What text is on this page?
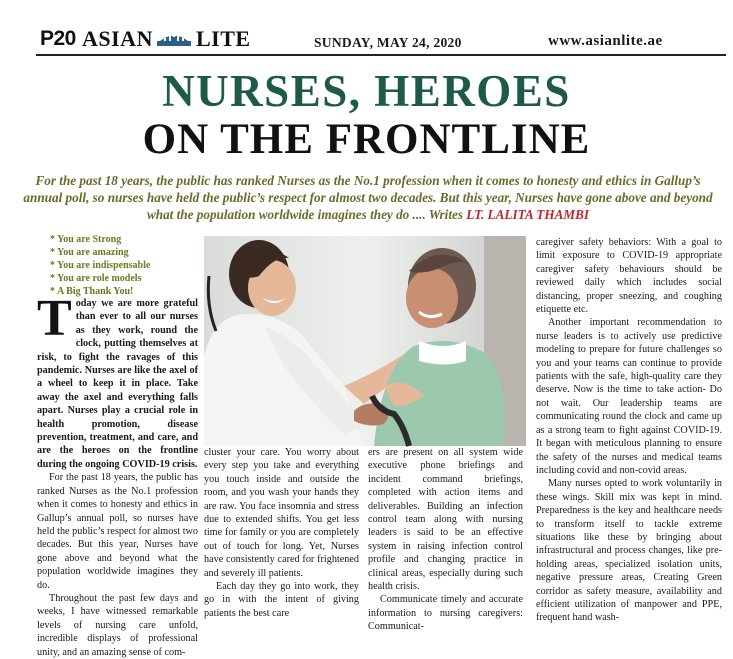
P20 ASIAN LITE	SUNDAY, MAY 24, 2020	www.asianlite.ae
NURSES, HEROES
ON THE FRONTLINE
For the past 18 years, the public has ranked Nurses as the No.1 profession when it comes to honesty and ethics in Gallup’s annual poll, so nurses have held the public’s respect for almost two decades. But this year, Nurses have gone above and beyond what the population worldwide imagines they do .... Writes LT. LALITA THAMBI
* You are Strong
* You are amazing
* You are indispensable
* You are role models
* A Big Thank You!

Today we are more grateful than ever to all our nurses as they work, round the clock, putting themselves at risk, to fight the ravages of this pandemic. Nurses are like the axel of a wheel to keep it in place. Take away the axel and everything falls apart. Nurses play a crucial role in health promotion, disease prevention, treatment, and care, and are the heroes on the frontline during the ongoing COVID-19 crisis.

For the past 18 years, the public has ranked Nurses as the No.1 profession when it comes to honesty and ethics in Gallup’s annual poll, so nurses have held the public’s respect for almost two decades. But this year, Nurses have gone above and beyond what the population worldwide imagines they do.

Throughout the past few days and weeks, I have witnessed remarkable levels of nursing care unfold, incredible displays of professional unity, and an amazing sense of com-

cluster your care. You worry about every step you take and everything you touch inside and outside the room, and you wash your hands they are raw. You face insomnia and stress due to extended shifts. You get less time for family or you are completely out of touch for long. Yet, Nurses have consistently cared for frightened and severely ill patients.

Each day they go into work, they go in with the intent of giving patients the best care

ers are present on all system wide executive phone briefings and incident command briefings, completed with action items and deliverables. Building an infection control team along with nursing leaders is said to be an effective system in raising infection control profile and changing practice in clinical areas, especially during such health crisis.

Communicate timely and accurate information to nursing caregivers: Communicat-

caregiver safety behaviors: With a goal to limit exposure to COVID-19 appropriate caregiver safety behaviours should be reviewed daily which includes social distancing, proper sneezing, and coughing etiquette etc.

Another important recommendation to nurse leaders is to actively use predictive modeling to prepare for future challenges so you and your teams can continue to provide patients with the safe, high-quality care they deserve. Now is the time to take action- Do not wait. Our leadership teams are communicating round the clock and came up as a strong team to fight against COVID-19. It began with meticulous planning to ensure the safety of the nurses and medical teams including covid and non-covid areas.

Many nurses opted to work voluntarily in these wings. Skill mix was kept in mind. Preparedness is the key and healthcare needs to transform itself to tackle extreme situations like these by bringing about infrastructural and process changes, like pre-holding areas, specialized isolation units, negative pressure areas, Creating Green corridor as safety measure, availability and efficient utilization of manpower and PPE, frequent hand wash-
